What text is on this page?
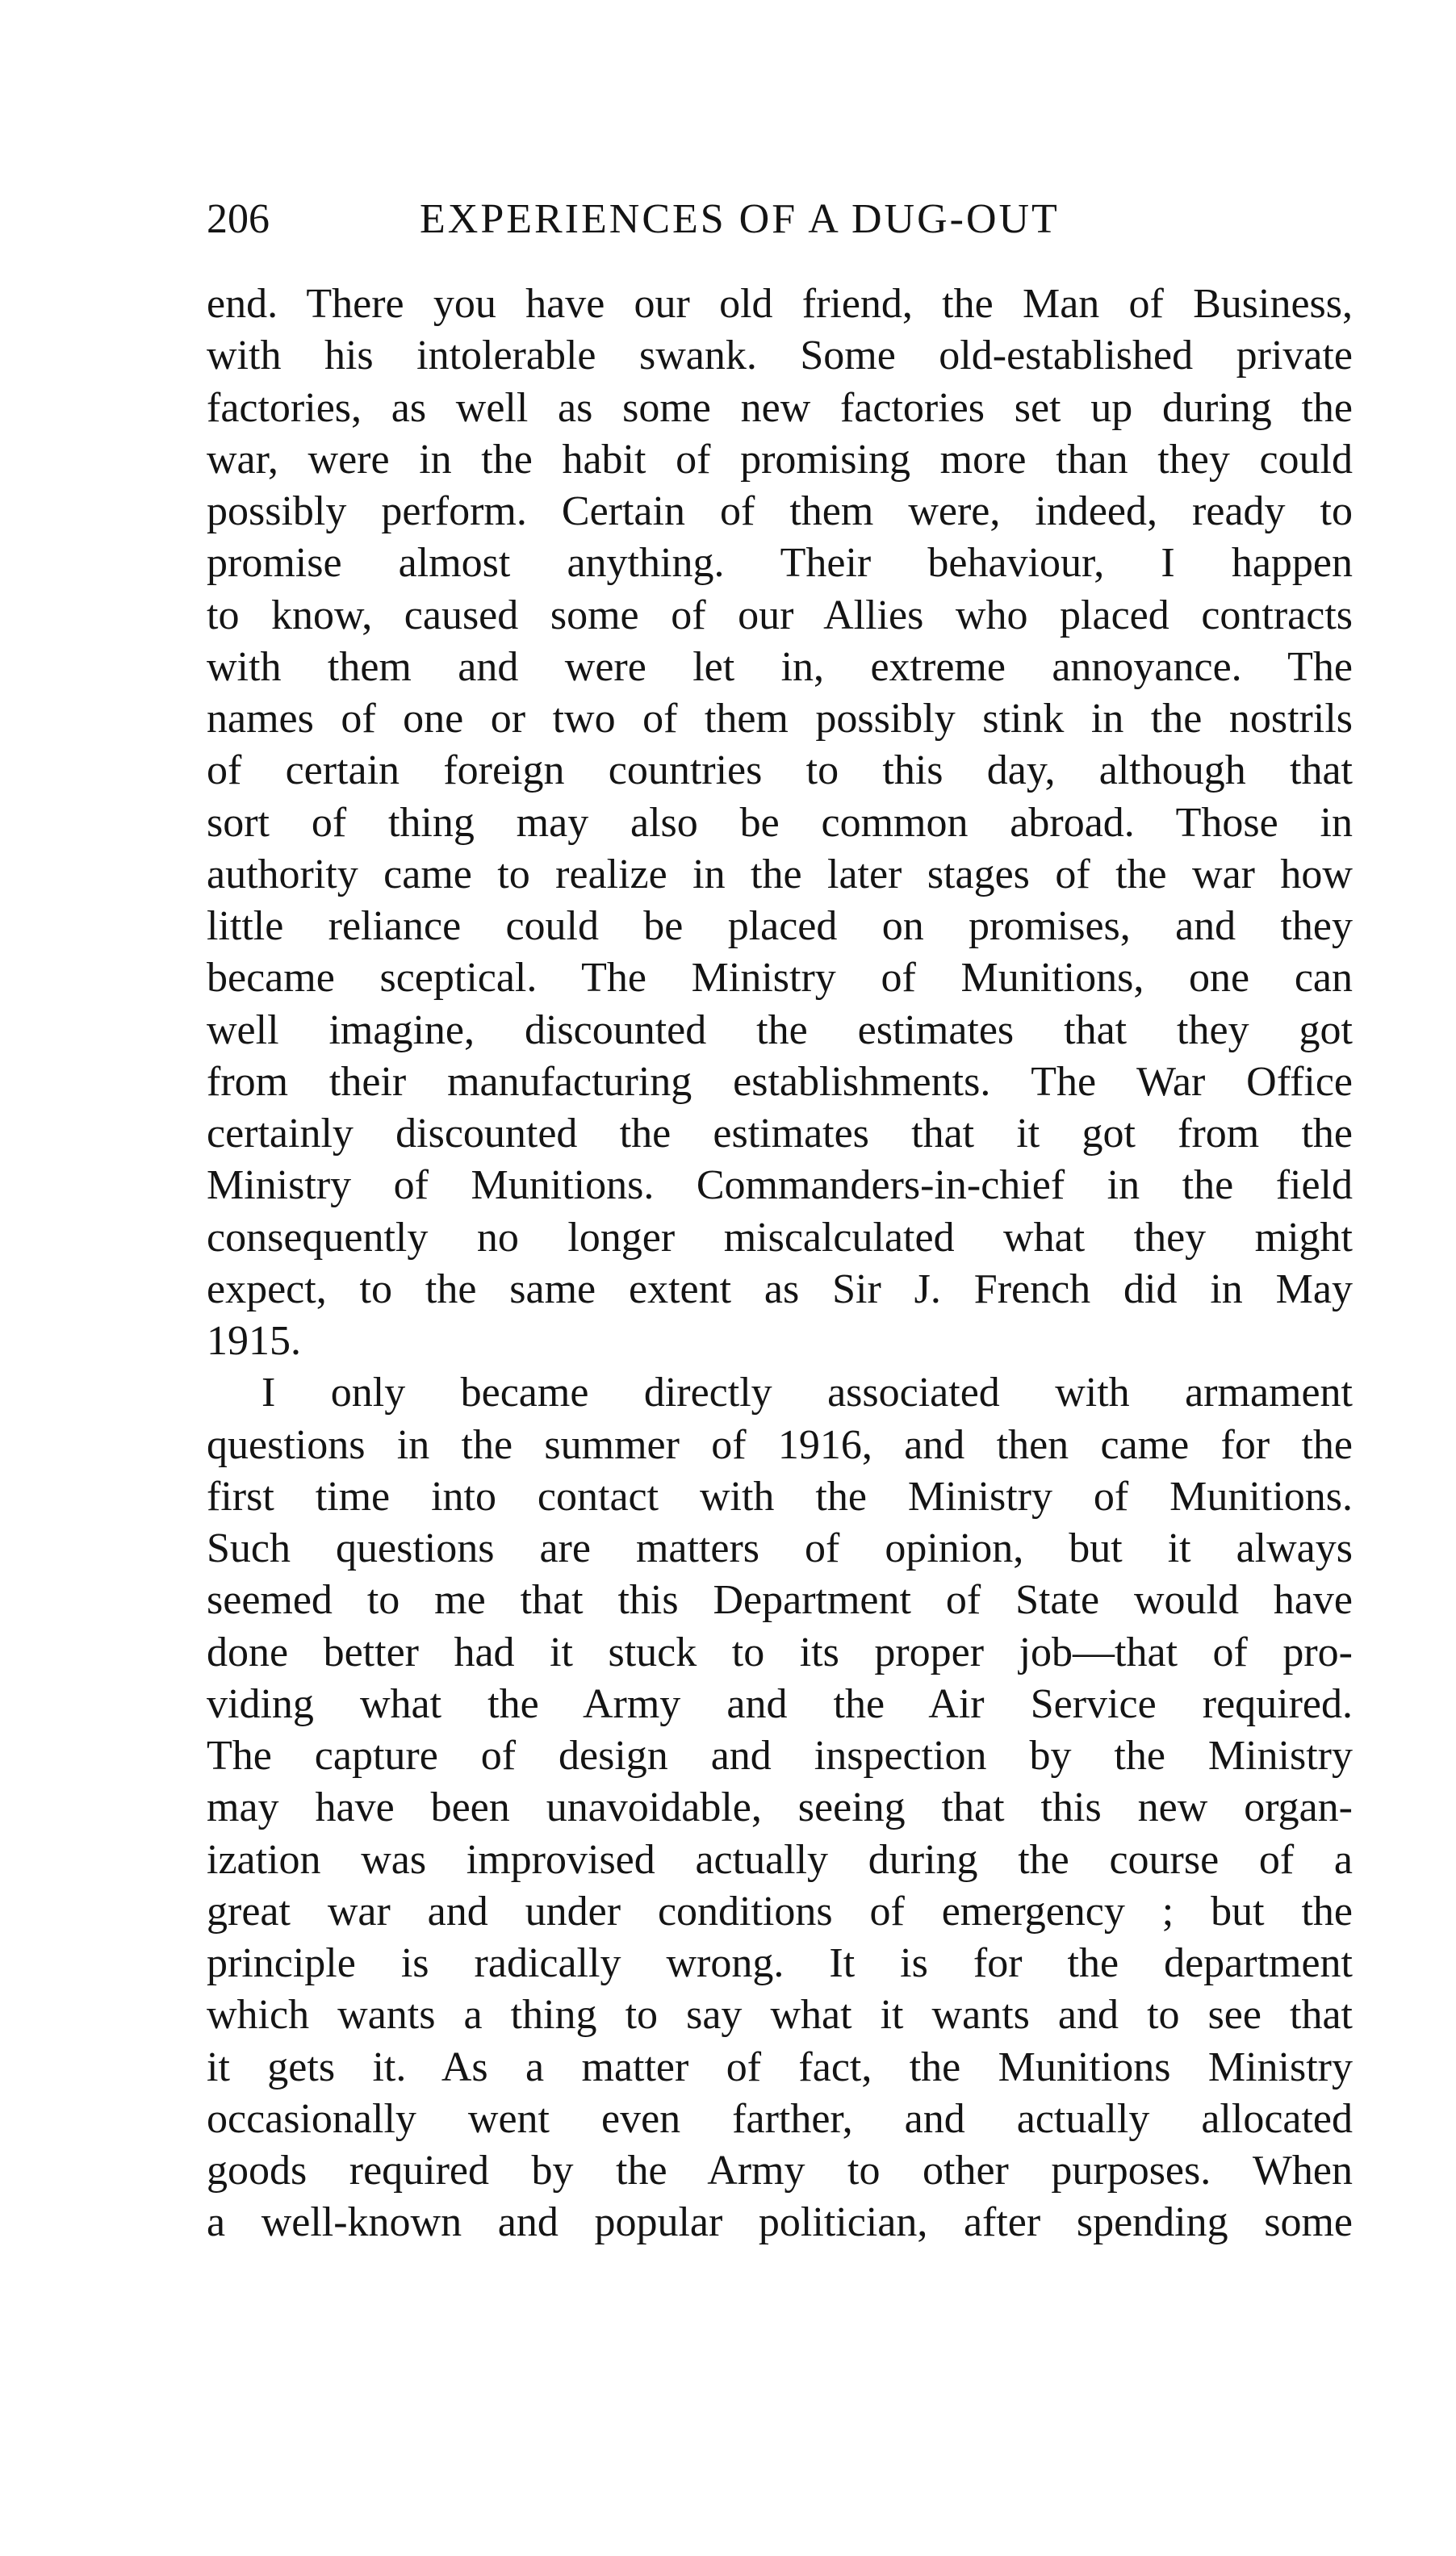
206	EXPERIENCES OF A DUG-OUT
end. There you have our old friend, the Man of Business,
with his intolerable swank. Some old-established private
factories, as well as some new factories set up during the
war, were in the habit of promising more than they could
possibly perform. Certain of them were, indeed, ready to
promise almost anything. Their behaviour, I happen
to know, caused some of our Allies who placed contracts
with them and were let in, extreme annoyance. The
names of one or two of them possibly stink in the nostrils
of certain foreign countries to this day, although that
sort of thing may also be common abroad. Those in
authority came to realize in the later stages of the war how
little reliance could be placed on promises, and they
became sceptical. The Ministry of Munitions, one can
well imagine, discounted the estimates that they got
from their manufacturing establishments. The War Office
certainly discounted the estimates that it got from the
Ministry of Munitions. Commanders-in-chief in the field
consequently no longer miscalculated what they might
expect, to the same extent as Sir J. French did in May
1915.
I only became directly associated with armament
questions in the summer of 1916, and then came for the
first time into contact with the Ministry of Munitions.
Such questions are matters of opinion, but it always
seemed to me that this Department of State would have
done better had it stuck to its proper job—that of pro-
viding what the Army and the Air Service required.
The capture of design and inspection by the Ministry
may have been unavoidable, seeing that this new organ-
ization was improvised actually during the course of a
great war and under conditions of emergency ; but the
principle is radically wrong. It is for the department
which wants a thing to say what it wants and to see that
it gets it. As a matter of fact, the Munitions Ministry
occasionally went even farther, and actually allocated
goods required by the Army to other purposes. When
a well-known and popular politician, after spending some
